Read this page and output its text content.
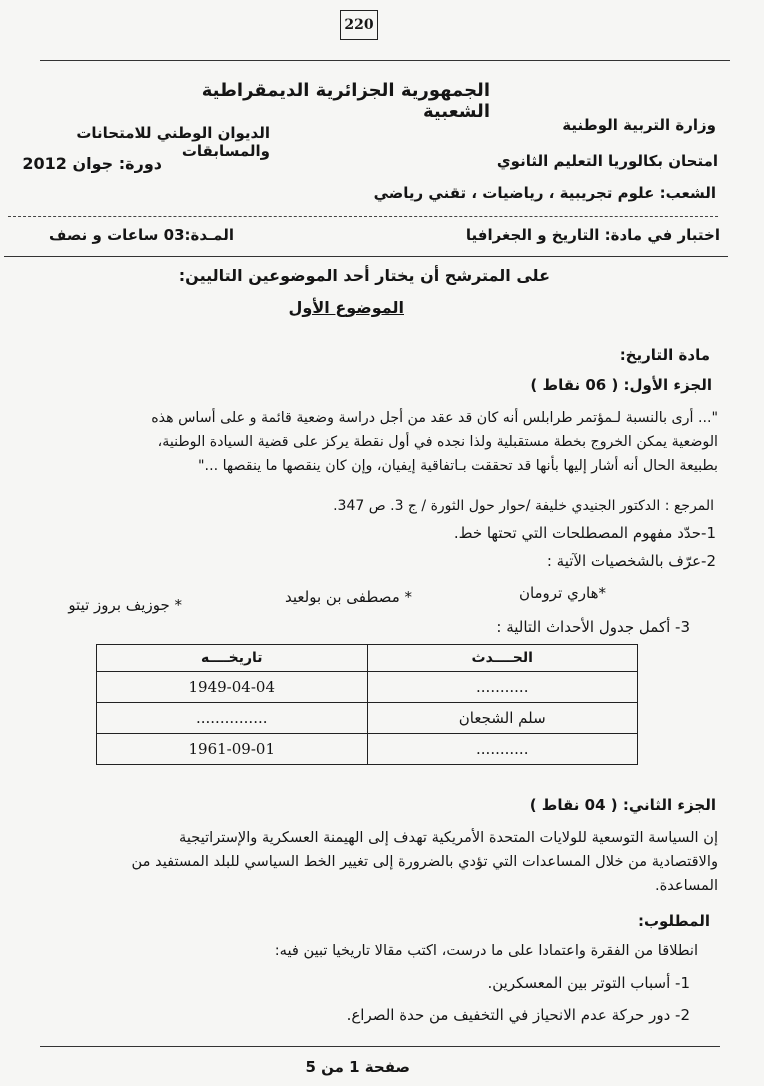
220
الجمهورية الجزائرية الديمقراطية الشعبية
وزارة التربية الوطنية
الديوان الوطني للامتحانات والمسابقات
امتحان بكالوريا التعليم الثانوي
دورة: جوان 2012
الشعب: علوم تجريبية ، رياضيات ، تقني رياضي
اختبار في مادة: التاريخ و الجغرافيا
المـدة:03 ساعات و نصف
على المترشح أن يختار أحد الموضوعين التاليين:
الموضوع الأول
مادة التاريخ:
الجزء الأول: ( 06 نقاط )
"... أرى بالنسبة لـمؤتمر طرابلس أنه كان قد عقد من أجل دراسة وضعية قائمة و على أساس هذه
الوضعية يمكن الخروج بخطة مستقبلية ولذا نجده في أول نقطة يركز على قضية السيادة الوطنية،
بطبيعة الحال أنه أشار إليها بأنها قد تحققت بـاتفاقية إيفيان، وإن كان ينقصها ما ينقصها ..."
المرجع : الدكتور الجنيدي خليفة /حوار حول الثورة / ج 3. ص 347.
1-حدّد مفهوم المصطلحات التي تحتها خط.
2-عرّف بالشخصيات الآتية :
*هاري ترومان
* مصطفى بن بولعيد
* جوزيف بروز تيتو
3- أكمل جدول الأحداث التالية :
تاريخــــه	الحــــدث
1949-04-04	...........
...............	سلم الشجعان
1961-09-01	...........
الجزء الثاني: ( 04 نقاط )
إن السياسة التوسعية للولايات المتحدة الأمريكية تهدف إلى الهيمنة العسكرية والإستراتيجية
والاقتصادية من خلال المساعدات التي تؤدي بالضرورة إلى تغيير الخط السياسي للبلد المستفيد من
المساعدة.
المطلوب:
انطلاقا من الفقرة واعتمادا على ما درست، اكتب مقالا تاريخيا تبين فيه:
1- أسباب التوتر بين المعسكرين.
2- دور حركة عدم الانحياز في التخفيف من حدة الصراع.
صفحة 1 من 5
